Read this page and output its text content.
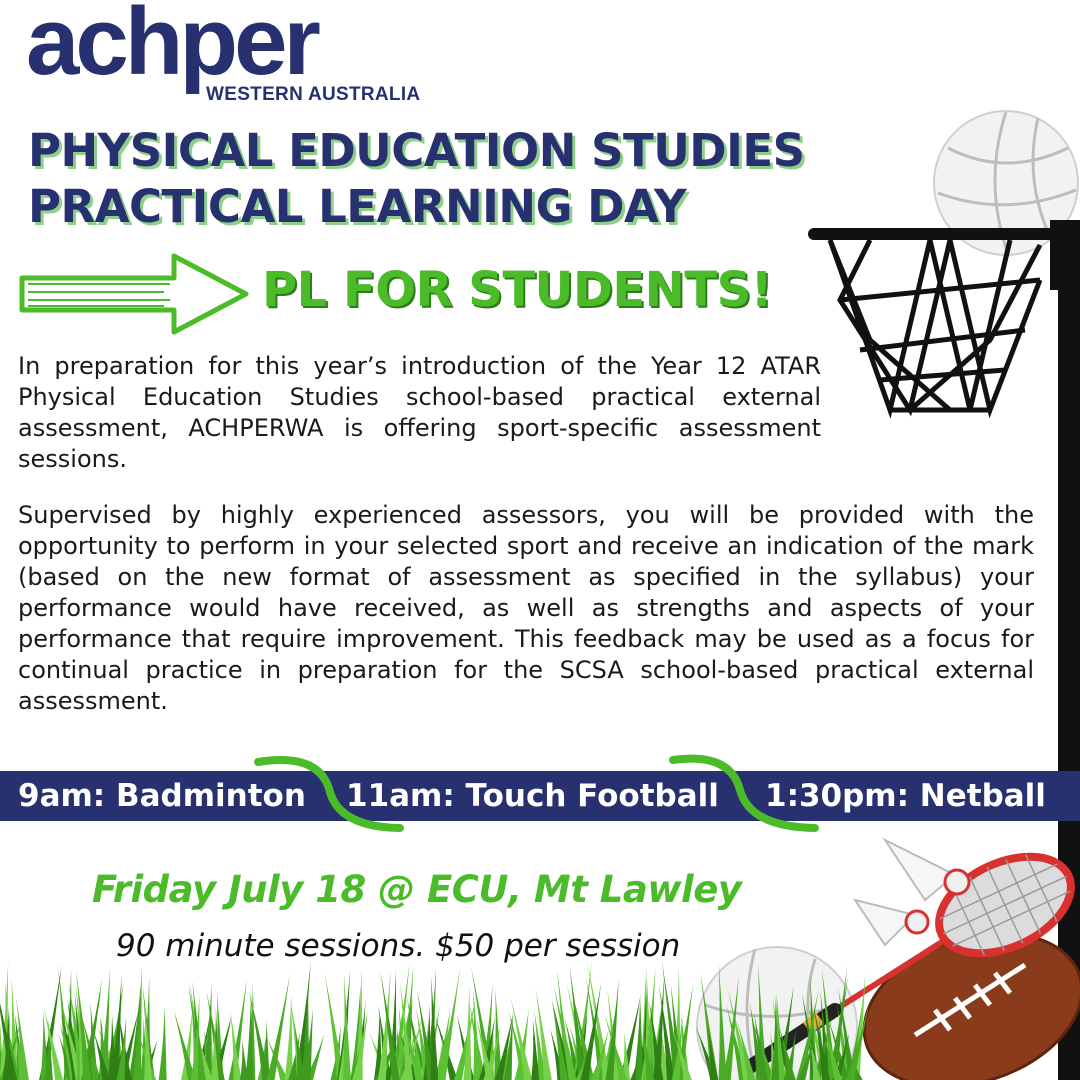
achper
WESTERN AUSTRALIA
PHYSICAL EDUCATION STUDIES
PRACTICAL LEARNING DAY
PL FOR STUDENTS!
In preparation for this year’s introduction of the Year 12 ATAR Physical Education Studies school-based practical external assessment, ACHPERWA is offering sport-specific assessment sessions.
Supervised by highly experienced assessors, you will be provided with the opportunity to perform in your selected sport and receive an indication of the mark (based on the new format of assessment as specified in the syllabus) your performance would have received, as well as strengths and aspects of your performance that require improvement. This feedback may be used as a focus for continual practice in preparation for the SCSA school-based practical external assessment.
9am: Badminton 11am: Touch Football 1:30pm: Netball
Friday July 18 @ ECU, Mt Lawley
90 minute sessions. $50 per session
